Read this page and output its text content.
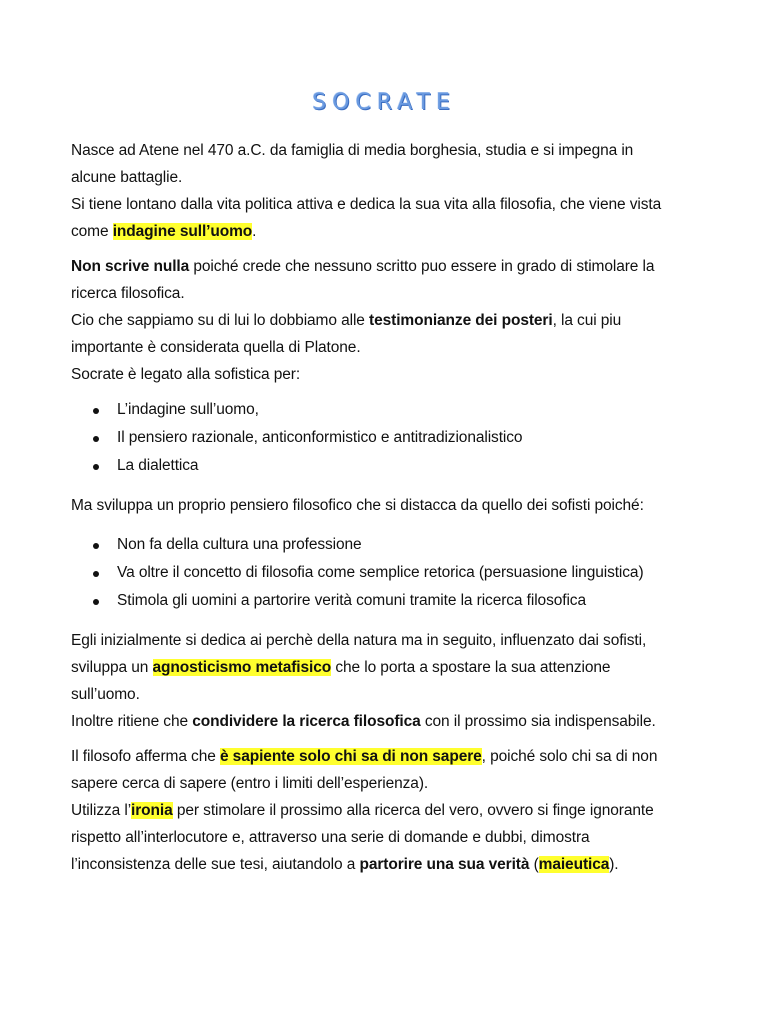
SOCRATE
Nasce ad Atene nel 470 a.C. da famiglia di media borghesia, studia e si impegna in
alcune battaglie.
Si tiene lontano dalla vita politica attiva e dedica la sua vita alla filosofia, che viene vista
come indagine sull’uomo.
Non scrive nulla poiché crede che nessuno scritto puo essere in grado di stimolare la
ricerca filosofica.
Cio che sappiamo su di lui lo dobbiamo alle testimonianze dei posteri, la cui piu
importante è considerata quella di Platone.
Socrate è legato alla sofistica per:
L’indagine sull’uomo,
Il pensiero razionale, anticonformistico e antitradizionalistico
La dialettica
Ma sviluppa un proprio pensiero filosofico che si distacca da quello dei sofisti poiché:
Non fa della cultura una professione
Va oltre il concetto di filosofia come semplice retorica (persuasione linguistica)
Stimola gli uomini a partorire verità comuni tramite la ricerca filosofica
Egli inizialmente si dedica ai perchè della natura ma in seguito, influenzato dai sofisti,
sviluppa un agnosticismo metafisico che lo porta a spostare la sua attenzione
sull’uomo.
Inoltre ritiene che condividere la ricerca filosofica con il prossimo sia indispensabile.
Il filosofo afferma che è sapiente solo chi sa di non sapere, poiché solo chi sa di non
sapere cerca di sapere (entro i limiti dell’esperienza).
Utilizza l’ironia per stimolare il prossimo alla ricerca del vero, ovvero si finge ignorante
rispetto all’interlocutore e, attraverso una serie di domande e dubbi, dimostra
l’inconsistenza delle sue tesi, aiutandolo a partorire una sua verità (maieutica).
